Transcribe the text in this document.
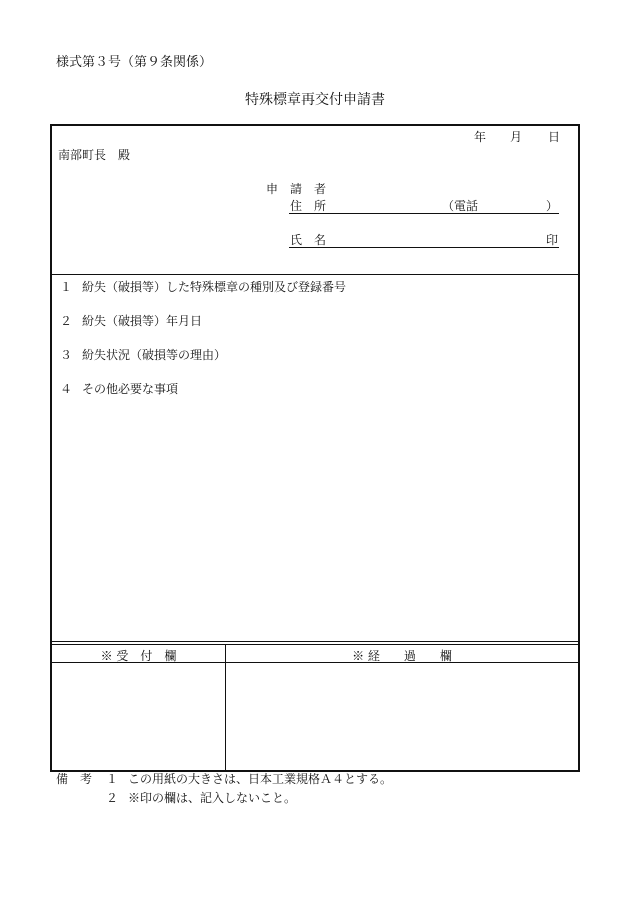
様式第３号（第９条関係）
特殊標章再交付申請書
年 月 日
南部町長　殿
申　請　者
住　所	（電話	）
氏　名	印
１ 紛失（破損等）した特殊標章の種別及び登録番号
２ 紛失（破損等）年月日
３ 紛失状況（破損等の理由）
４ その他必要な事項
※ 受　付　欄	※ 経　　過　　欄
備　考 １ この用紙の大きさは、日本工業規格Ａ４とする。
２ ※印の欄は、記入しないこと。
